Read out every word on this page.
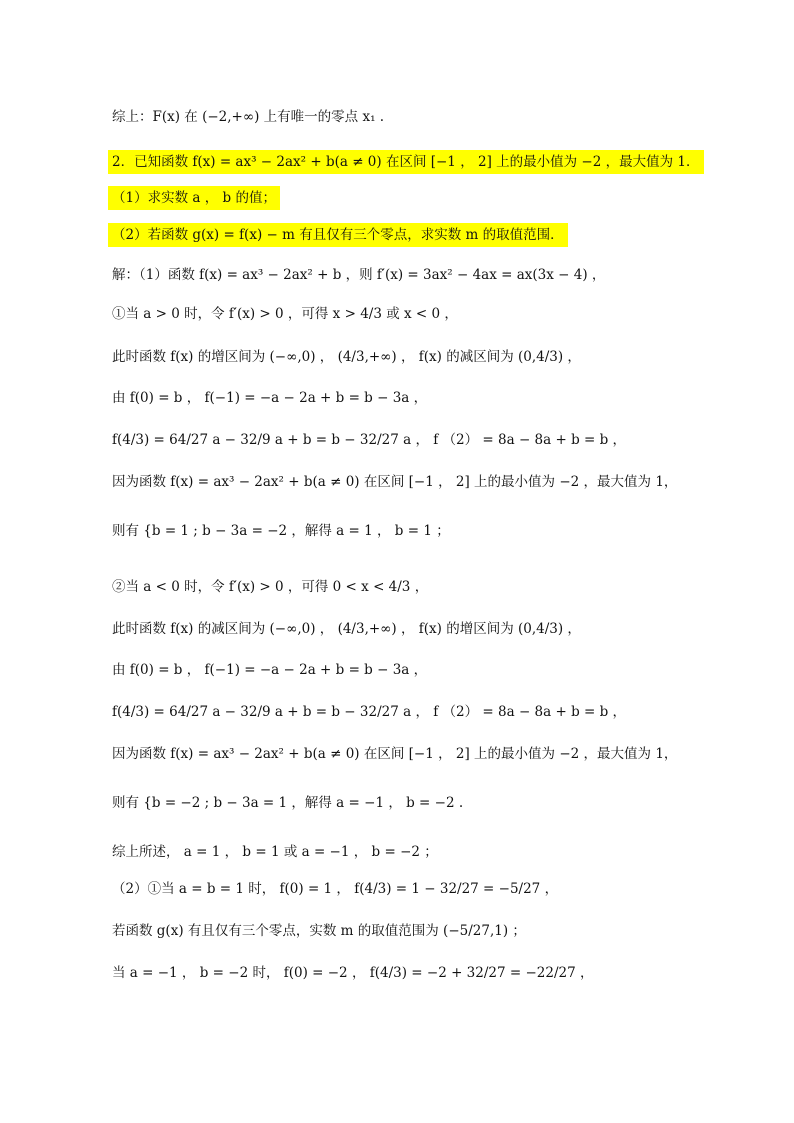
综上：F(x) 在 (−2,+∞) 上有唯一的零点 x₁ .
2．已知函数 f(x) = ax³ − 2ax² + b(a ≠ 0) 在区间 [−1 ， 2] 上的最小值为 −2 ，最大值为 1．
（1）求实数 a ， b 的值；
（2）若函数 g(x) = f(x) − m 有且仅有三个零点，求实数 m 的取值范围．
解：（1）函数 f(x) = ax³ − 2ax² + b ，则 f′(x) = 3ax² − 4ax = ax(3x − 4) ，
①当 a > 0 时，令 f′(x) > 0 ，可得 x > 4/3 或 x < 0 ，
此时函数 f(x) 的增区间为 (−∞,0) ， (4/3,+∞) ， f(x) 的减区间为 (0,4/3) ，
由 f(0) = b ， f(−1) = −a − 2a + b = b − 3a ，
f(4/3) = 64/27 a − 32/9 a + b = b − 32/27 a ， f （2） = 8a − 8a + b = b ，
因为函数 f(x) = ax³ − 2ax² + b(a ≠ 0) 在区间 [−1 ， 2] 上的最小值为 −2 ，最大值为 1，
则有 {b = 1 ; b − 3a = −2 ，解得 a = 1 ， b = 1 ；
②当 a < 0 时，令 f′(x) > 0 ，可得 0 < x < 4/3 ，
此时函数 f(x) 的减区间为 (−∞,0) ， (4/3,+∞) ， f(x) 的增区间为 (0,4/3) ，
由 f(0) = b ， f(−1) = −a − 2a + b = b − 3a ，
f(4/3) = 64/27 a − 32/9 a + b = b − 32/27 a ， f （2） = 8a − 8a + b = b ，
因为函数 f(x) = ax³ − 2ax² + b(a ≠ 0) 在区间 [−1 ， 2] 上的最小值为 −2 ，最大值为 1，
则有 {b = −2 ; b − 3a = 1 ，解得 a = −1 ， b = −2 .
综上所述， a = 1 ， b = 1 或 a = −1 ， b = −2 ；
（2）①当 a = b = 1 时， f(0) = 1 ， f(4/3) = 1 − 32/27 = −5/27 ，
若函数 g(x) 有且仅有三个零点，实数 m 的取值范围为 (−5/27,1) ；
当 a = −1 ， b = −2 时， f(0) = −2 ， f(4/3) = −2 + 32/27 = −22/27 ，
